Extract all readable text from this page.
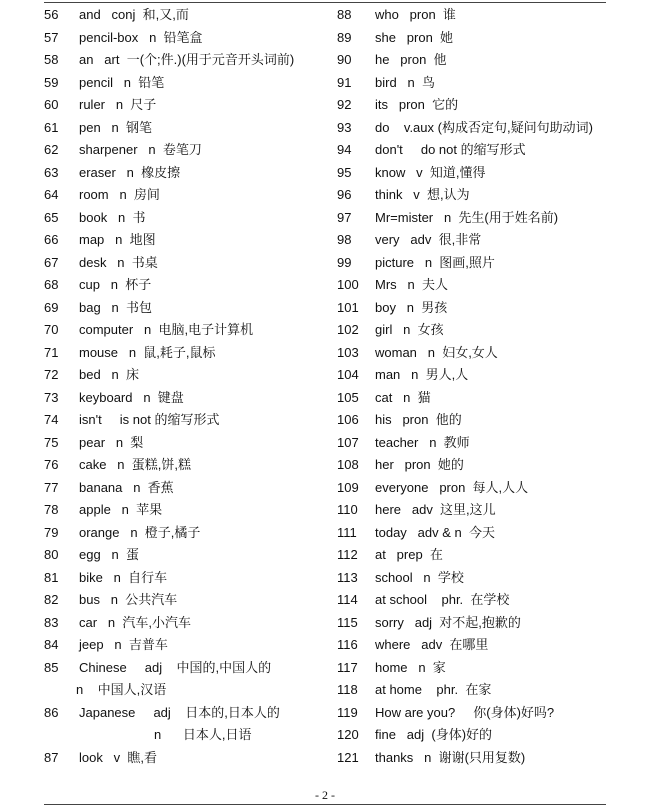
56	and   conj  和,又,而
57	pencil-box   n  铅笔盒
58	an   art  一(个;件.)(用于元音开头词前)
59	pencil   n  铅笔
60	ruler   n  尺子
61	pen   n  钢笔
62	sharpener   n  卷笔刀
63	eraser   n  橡皮擦
64	room   n  房间
65	book   n  书
66	map   n  地图
67	desk   n  书桌
68	cup   n  杯子
69	bag   n  书包
70	computer   n  电脑,电子计算机
71	mouse   n  鼠,耗子,鼠标
72	bed   n  床
73	keyboard   n  键盘
74	isn't     is not 的缩写形式
75	pear   n  梨
76	cake   n  蛋糕,饼,糕
77	banana   n  香蕉
78	apple   n  苹果
79	orange   n  橙子,橘子
80	egg   n  蛋
81	bike   n  自行车
82	bus   n  公共汽车
83	car   n  汽车,小汽车
84	jeep   n  吉普车
85	Chinese     adj    中国的,中国人的
n    中国人,汉语
86	Japanese     adj    日本的,日本人的
n      日本人,日语
87	look   v  瞧,看
88	who   pron  谁
89	she   pron  她
90	he   pron  他
91	bird   n  鸟
92	its   pron  它的
93	do    v.aux (构成否定句,疑问句助动词)
94	don't     do not 的缩写形式
95	know   v  知道,懂得
96	think   v  想,认为
97	Mr=mister   n  先生(用于姓名前)
98	very   adv  很,非常
99	picture   n  图画,照片
100	Mrs   n  夫人
101	boy   n  男孩
102	girl   n  女孩
103	woman   n  妇女,女人
104	man   n  男人,人
105	cat   n  猫
106	his   pron  他的
107	teacher   n  教师
108	her   pron  她的
109	everyone   pron  每人,人人
110	here   adv  这里,这儿
111	today   adv & n  今天
112	at   prep  在
113	school   n  学校
114	at school    phr.  在学校
115	sorry   adj  对不起,抱歉的
116	where   adv  在哪里
117	home   n  家
118	at home    phr.  在家
119	How are you?     你(身体)好吗?
120	fine   adj  (身体)好的
121	thanks   n  谢谢(只用复数)
- 2 -
